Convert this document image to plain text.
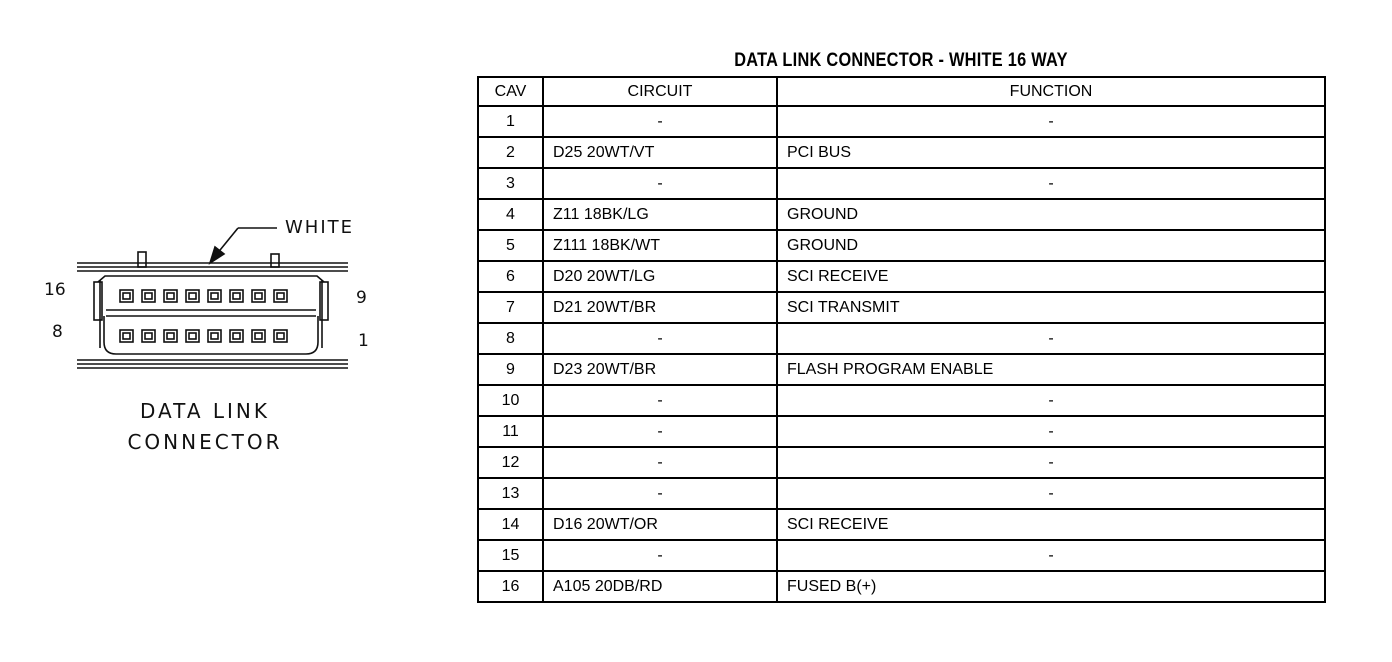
WHITE
16
8
9
1
DATA LINK
CONNECTOR
DATA LINK CONNECTOR - WHITE 16 WAY
CAV	CIRCUIT	FUNCTION
1	-	-
2	D25 20WT/VT	PCI BUS
3	-	-
4	Z11 18BK/LG	GROUND
5	Z111 18BK/WT	GROUND
6	D20 20WT/LG	SCI RECEIVE
7	D21 20WT/BR	SCI TRANSMIT
8	-	-
9	D23 20WT/BR	FLASH PROGRAM ENABLE
10	-	-
11	-	-
12	-	-
13	-	-
14	D16 20WT/OR	SCI RECEIVE
15	-	-
16	A105 20DB/RD	FUSED B(+)
